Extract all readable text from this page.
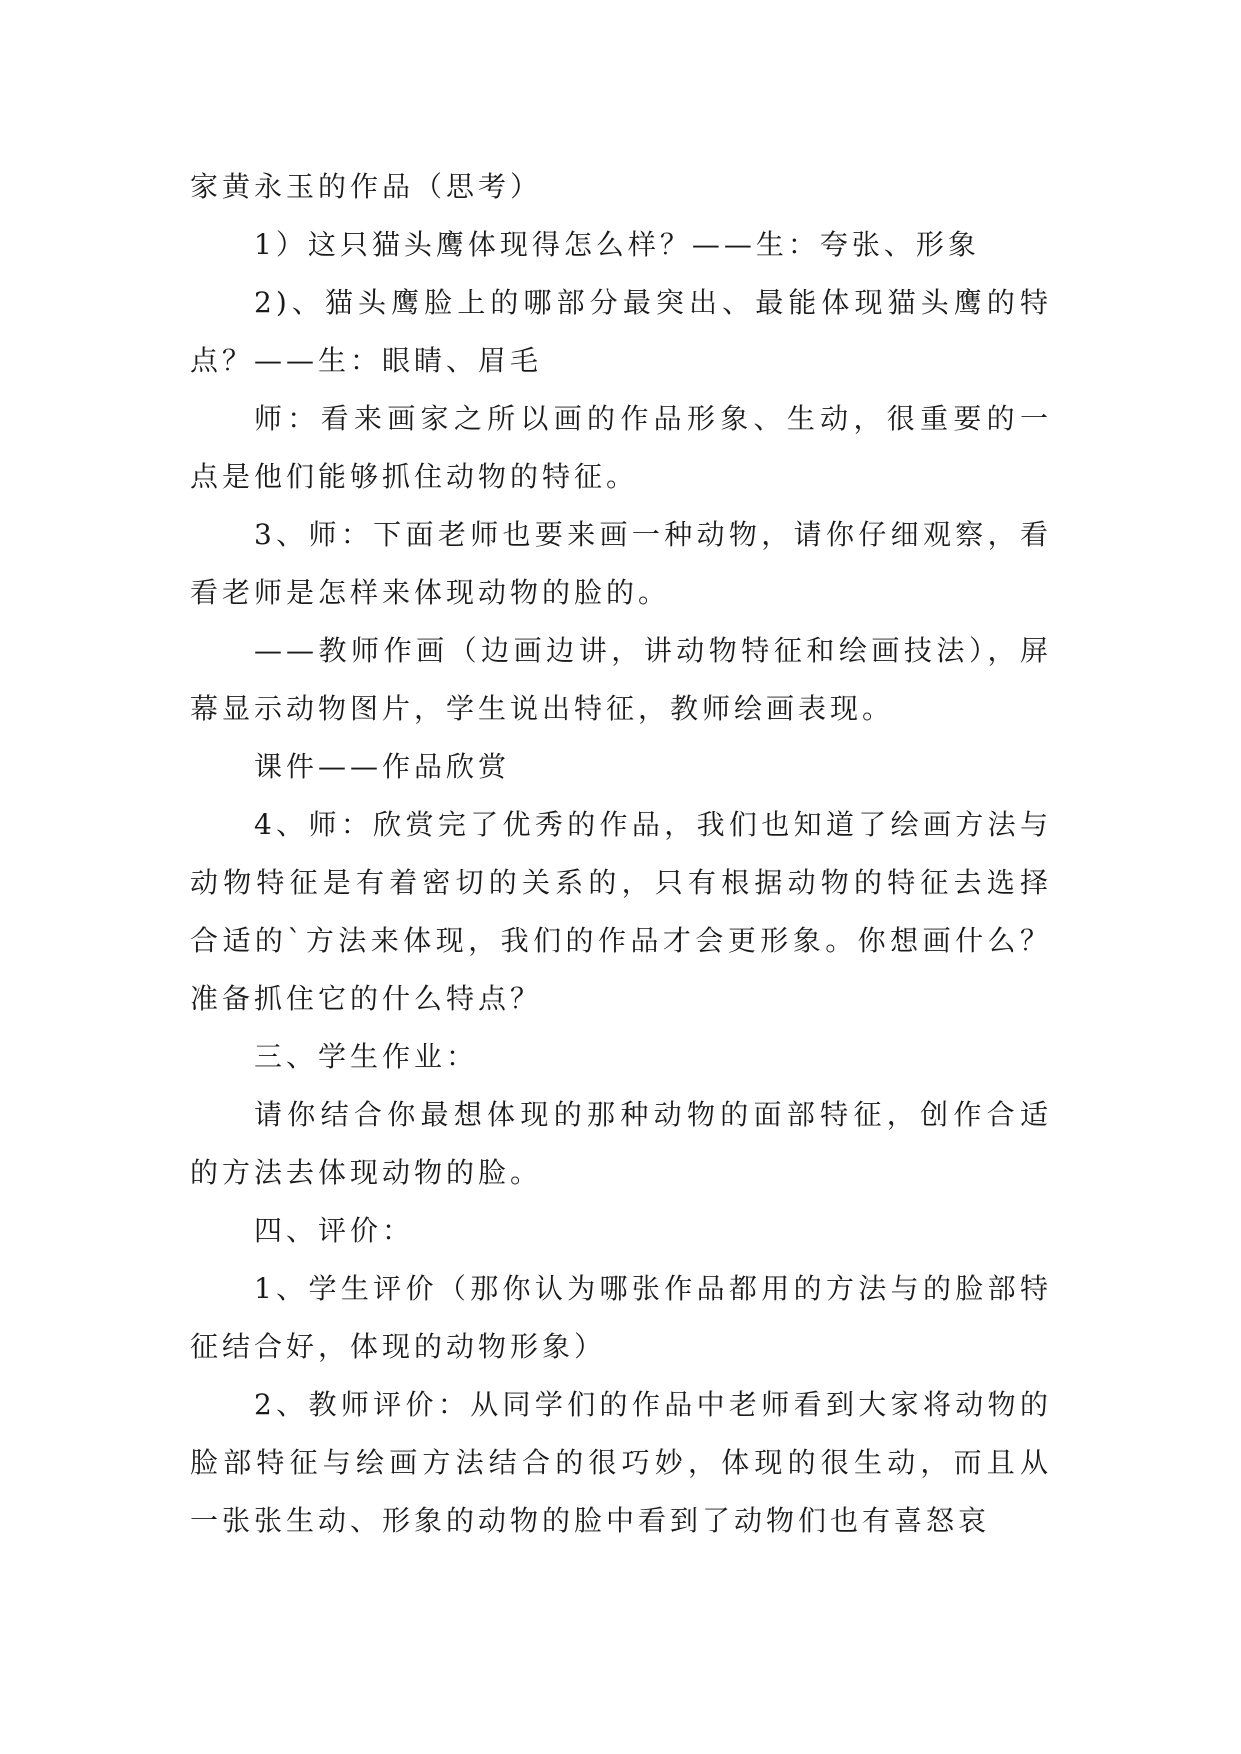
家黄永玉的作品（思考）

1）这只猫头鹰体现得怎么样？——生：夸张、形象

2)、猫头鹰脸上的哪部分最突出、最能体现猫头鹰的特点？——生：眼睛、眉毛

师：看来画家之所以画的作品形象、生动，很重要的一点是他们能够抓住动物的特征。

3、师：下面老师也要来画一种动物，请你仔细观察，看看老师是怎样来体现动物的脸的。

——教师作画（边画边讲，讲动物特征和绘画技法），屏幕显示动物图片，学生说出特征，教师绘画表现。

课件——作品欣赏

4、师：欣赏完了优秀的作品，我们也知道了绘画方法与动物特征是有着密切的关系的，只有根据动物的特征去选择合适的`方法来体现，我们的作品才会更形象。你想画什么？准备抓住它的什么特点？

三、学生作业：

请你结合你最想体现的那种动物的面部特征，创作合适的方法去体现动物的脸。

四、评价：

1、学生评价（那你认为哪张作品都用的方法与的脸部特征结合好，体现的动物形象）

2、教师评价：从同学们的作品中老师看到大家将动物的脸部特征与绘画方法结合的很巧妙，体现的很生动，而且从一张张生动、形象的动物的脸中看到了动物们也有喜怒哀
